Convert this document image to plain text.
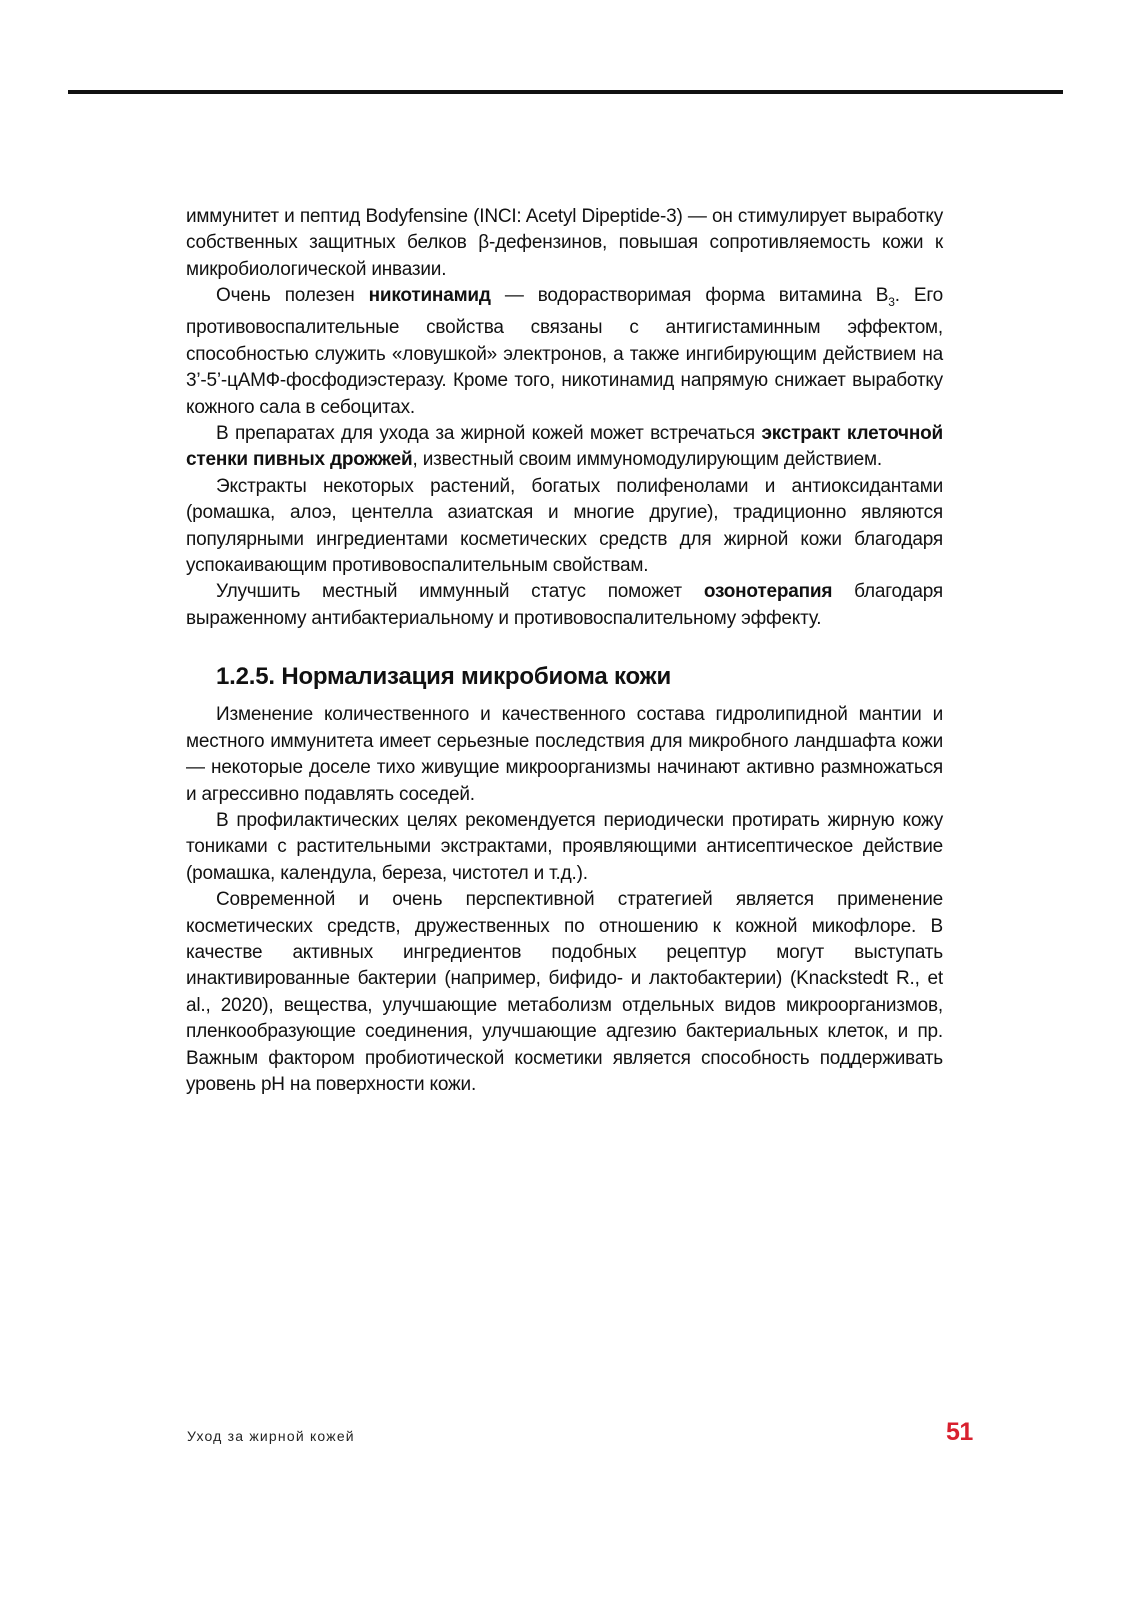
иммунитет и пептид Bodyfensine (INCI: Acetyl Dipeptide-3) — он стимулирует выработку собственных защитных белков β-дефензинов, повышая сопротивляемость кожи к микробиологической инвазии.

Очень полезен никотинамид — водорастворимая форма витамина $B_3$. Его противовоспалительные свойства связаны с антигистаминным эффектом, способностью служить «ловушкой» электронов, а также ингибирующим действием на 3’-5’-цАМФ-фосфодиэстеразу. Кроме того, никотинамид напрямую снижает выработку кожного сала в себоцитах.

В препаратах для ухода за жирной кожей может встречаться экстракт клеточной стенки пивных дрожжей, известный своим иммуномодулирующим действием.

Экстракты некоторых растений, богатых полифенолами и антиоксидантами (ромашка, алоэ, центелла азиатская и многие другие), традиционно являются популярными ингредиентами косметических средств для жирной кожи благодаря успокаивающим противовоспалительным свойствам.

Улучшить местный иммунный статус поможет озонотерапия благодаря выраженному антибактериальному и противовоспалительному эффекту.

1.2.5. Нормализация микробиома кожи

Изменение количественного и качественного состава гидролипидной мантии и местного иммунитета имеет серьезные последствия для микробного ландшафта кожи — некоторые доселе тихо живущие микроорганизмы начинают активно размножаться и агрессивно подавлять соседей.

В профилактических целях рекомендуется периодически протирать жирную кожу тониками с растительными экстрактами, проявляющими антисептическое действие (ромашка, календула, береза, чистотел и т.д.).

Современной и очень перспективной стратегией является применение косметических средств, дружественных по отношению к кожной микофлоре. В качестве активных ингредиентов подобных рецептур могут выступать инактивированные бактерии (например, бифидо- и лактобактерии) (Knackstedt R., et al., 2020), вещества, улучшающие метаболизм отдельных видов микроорганизмов, пленкообразующие соединения, улучшающие адгезию бактериальных клеток, и пр. Важным фактором пробиотической косметики является способность поддерживать уровень pH на поверхности кожи.

Уход за жирной кожей	51
